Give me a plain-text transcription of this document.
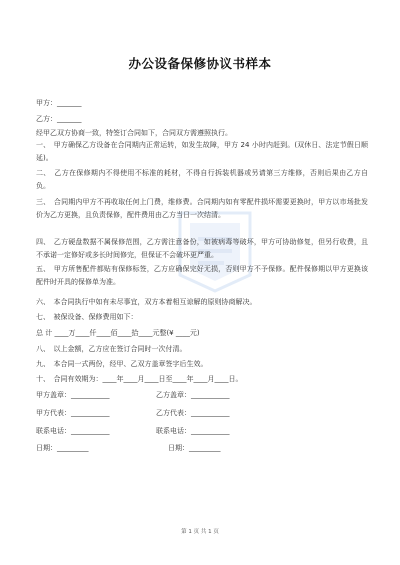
办公设备保修协议书样本
甲方：_______
乙方：_______
经甲乙双方协商一致，特签订合同如下，合同双方需遵照执行。
一、　甲方确保乙方设备在合同期内正常运转，如发生故障，甲方 24 小时内赶到。(双休日、法定节假日顺延)。
二、　乙方在保修期内不得使用不标准的耗材，不得自行拆装机器或另请第三方维修，否则后果由乙方自负。
三、　合同期内甲方不再收取任何上门费，维修费。合同期内如有零配件损坏需要更换时，甲方以市场批发价为乙方更换，且负责保修，配件费用由乙方当日一次结清。
四、　乙方硬盘数据不属保修范围，乙方需注意备份，如被病毒等破坏，甲方可协助修复，但另行收费，且不承诺一定修好或多长时间修完，但保证不会破坏更严重。
五、　甲方所售配件都贴有保修标签，乙方应确保完好无损，否则甲方不予保修。配件保修期以甲方更换该配件时开具的保修单为准。
六、　本合同执行中如有未尽事宜，双方本着相互谅解的原则协商解决。
七、　被保设备、保修费用如下：
总 计 ____万____仟____佰____拾____元整(¥ ____元)
八、　以上金额，乙方应在签订合同时一次付清。
九、　本合同一式两份，经甲、乙双方盖章签字后生效。
十、　合同有效期为：____年____月____日至____年____月____日。
甲方盖章：___________	乙方盖章：___________
甲方代表：___________	乙方代表：___________
联系电话：___________	联系电话：___________
日期：_________	日期：_________
第 1 页 共 1 页
